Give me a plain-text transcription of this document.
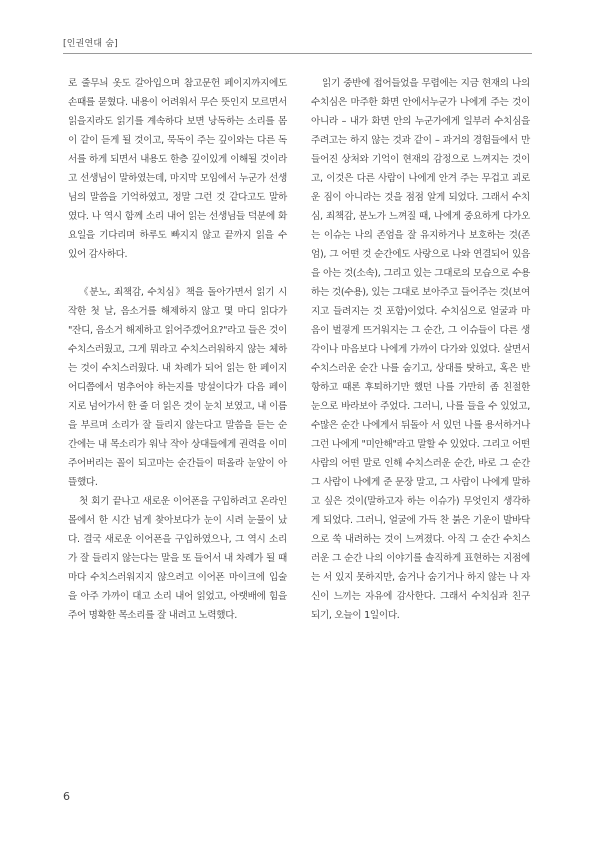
[인권연대 숨]

로 줄무늬 옷도 갈아입으며 참고문헌 페이지까지에도 손때를 묻혔다. 내용이 어려워서 무슨 뜻인지 모르면서 읽을지라도 읽기를 계속하다 보면 낭독하는 소리를 몸이 같이 듣게 될 것이고, 묵독이 주는 깊이와는 다른 독서를 하게 되면서 내용도 한층 깊이있게 이해될 것이라고 선생님이 말하였는데, 마지막 모임에서 누군가 선생님의 말씀을 기억하였고, 정말 그런 것 같다고도 말하였다. 나 역시 함께 소리 내어 읽는 선생님들 덕분에 화요일을 기다리며 하루도 빠지지 않고 끝까지 읽을 수 있어 감사하다.

《분노, 죄책감, 수치심》책을 돌아가면서 읽기 시작한 첫 날, 음소거를 해제하지 않고 몇 마디 읽다가 "잔디, 음소거 해제하고 읽어주겠어요?"라고 들은 것이 수치스러웠고, 그게 뭐라고 수치스러워하지 않는 체하는 것이 수치스러웠다. 내 차례가 되어 읽는 한 페이지 어디쯤에서 멈추어야 하는지를 망설이다가 다음 페이지로 넘어가서 한 줄 더 읽은 것이 눈치 보였고, 내 이름을 부르며 소리가 잘 들리지 않는다고 말씀을 듣는 순간에는 내 목소리가 워낙 작아 상대들에게 권력을 이미 주어버리는 꼴이 되고마는 순간들이 떠올라 눈앞이 아뜰했다.

첫 회기 끝나고 새로운 이어폰을 구입하려고 온라인 몰에서 한 시간 넘게 찾아보다가 눈이 시려 눈물이 났다. 결국 새로운 이어폰을 구입하였으나, 그 역시 소리가 잘 들리지 않는다는 말을 또 들어서 내 차례가 될 때마다 수치스러워지지 않으려고 이어폰 마이크에 입술을 아주 가까이 대고 소리 내어 읽었고, 아랫배에 힘을 주어 명확한 목소리를 잘 내려고 노력했다.

읽기 중반에 접어들었을 무렵에는 지금 현재의 나의 수치심은 마주한 화면 안에서누군가 나에게 주는 것이 아니라 – 내가 화면 안의 누군가에게 일부러 수치심을 주려고는 하지 않는 것과 같이 – 과거의 경험들에서 만들어진 상처와 기억이 현재의 감정으로 느껴지는 것이고, 이것은 다른 사람이 나에게 안겨 주는 무겁고 괴로운 짐이 아니라는 것을 점점 알게 되었다. 그래서 수치심, 죄책감, 분노가 느껴질 때, 나에게 중요하게 다가오는 이슈는 나의 존엄을 잘 유지하거나 보호하는 것(존엄), 그 어떤 것 순간에도 사랑으로 나와 연결되어 있음을 아는 것(소속), 그리고 있는 그대로의 모습으로 수용하는 것(수용), 있는 그대로 보아주고 들어주는 것(보여지고 들려지는 것 포함)이었다. 수치심으로 얼굴과 마음이 벌겋게 뜨거워지는 그 순간, 그 이슈들이 다른 생각이나 마음보다 나에게 가까이 다가와 있었다. 살면서 수치스러운 순간 나를 숨기고, 상대를 탓하고, 혹은 반항하고 때론 후퇴하기만 했던 나를 가만히 좀 친절한 눈으로 바라보아 주었다. 그러니, 나를 들을 수 있었고, 수많은 순간 나에게서 뒤돌아 서 있던 나를 용서하거나 그런 나에게 "미안해"라고 말할 수 있었다. 그리고 어떤 사람의 어떤 말로 인해 수치스러운 순간, 바로 그 순간 그 사람이 나에게 준 문장 말고, 그 사람이 나에게 말하고 싶은 것이(말하고자 하는 이슈가) 무엇인지 생각하게 되었다. 그러니, 얼굴에 가득 찬 붉은 기운이 발바닥으로 쑥 내려하는 것이 느껴졌다. 아직 그 순간 수치스러운 그 순간 나의 이야기를 솔직하게 표현하는 지점에는 서 있지 못하지만, 숨거나 숨기거나 하지 않는 나 자신이 느끼는 자유에 감사한다. 그래서 수치심과 친구 되기, 오늘이 1일이다.

6
